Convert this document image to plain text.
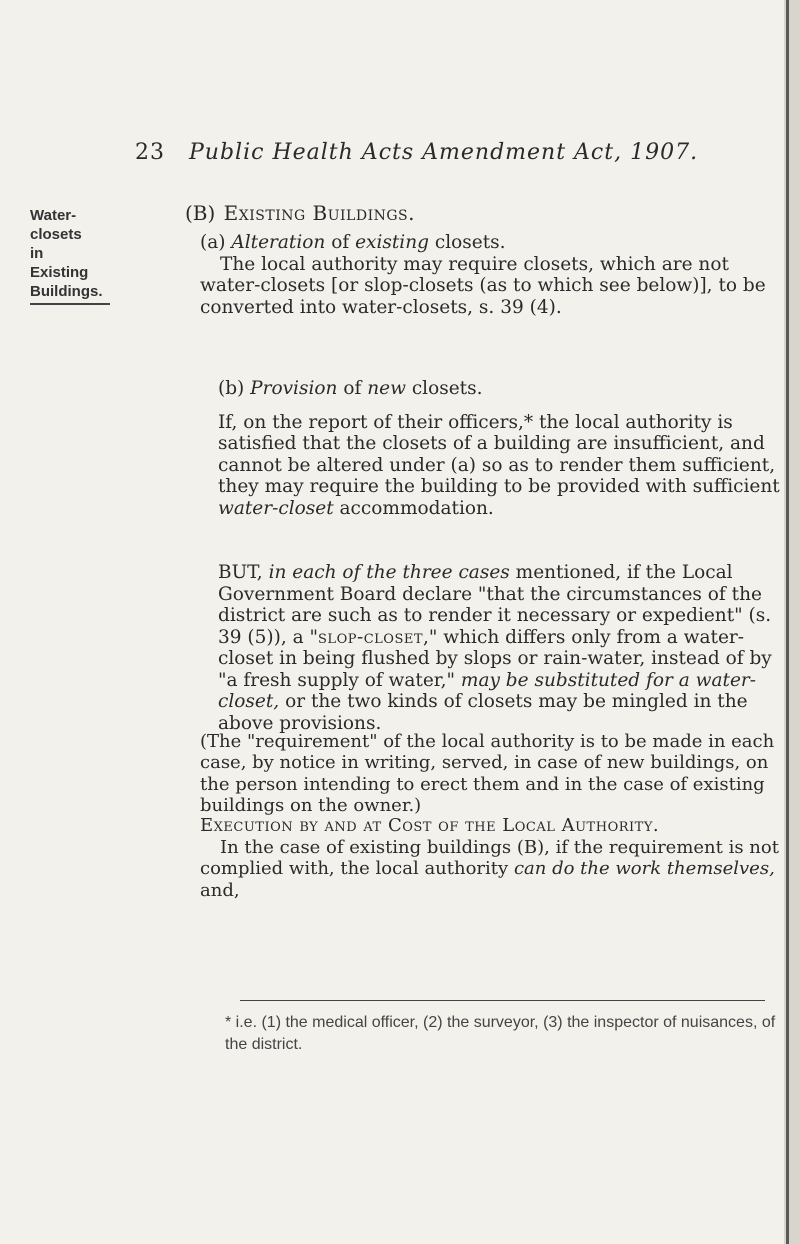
23 Public Health Acts Amendment Act, 1907.
Water-closets
in
Existing
Buildings.
(B) Existing Buildings.

(a) Alteration of existing closets.

The local authority may require closets, which are not water-closets [or slop-closets (as to which see below)], to be converted into water-closets, s. 39 (4).

(b) Provision of new closets.

If, on the report of their officers,* the local authority is satisfied that the closets of a building are insufficient, and cannot be altered under (a) so as to render them sufficient, they may require the building to be provided with sufficient water-closet accommodation.

BUT, in each of the three cases mentioned, if the Local Government Board declare "that the circumstances of the district are such as to render it necessary or expedient" (s. 39 (5)), a "slop-closet," which differs only from a water-closet in being flushed by slops or rain-water, instead of by "a fresh supply of water," may be substituted for a water-closet, or the two kinds of closets may be mingled in the above provisions.

(The "requirement" of the local authority is to be made in each case, by notice in writing, served, in case of new buildings, on the person intending to erect them and in the case of existing buildings on the owner.)

Execution by and at Cost of the Local Authority.

In the case of existing buildings (B), if the requirement is not complied with, the local authority can do the work themselves, and,

* i.e. (1) the medical officer, (2) the surveyor, (3) the inspector of nuisances, of the district.
